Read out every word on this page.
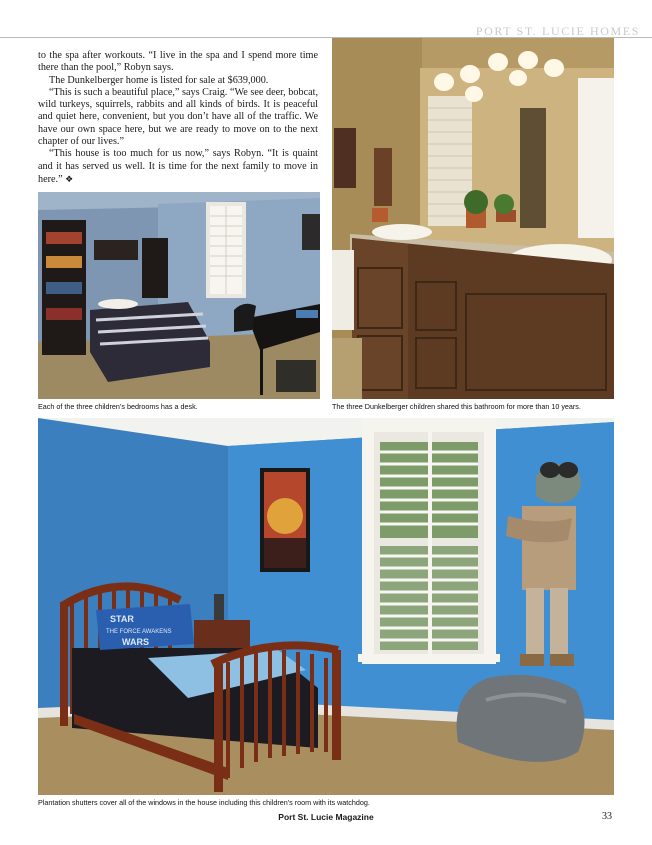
PORT ST. LUCIE HOMES

to the spa after workouts. “I live in the spa and I spend more time there than the pool,” Robyn says.

The Dunkelberger home is listed for sale at $639,000.

“This is such a beautiful place,” says Craig. “We see deer, bobcat, wild turkeys, squirrels, rabbits and all kinds of birds. It is peaceful and quiet here, convenient, but you don’t have all of the traffic. We have our own space here, but we are ready to move on to the next chapter of our lives.”

“This house is too much for us now,” says Robyn. “It is quaint and it has served us well. It is time for the next family to move in here.” ❖

Each of the three children’s bedrooms has a desk.	The three Dunkelberger children shared this bathroom for more than 10 years.
STAR
THE FORCE AWAKENS
WARS
Plantation shutters cover all of the windows in the house including this children’s room with its watchdog.
Port St. Lucie Magazine	33
